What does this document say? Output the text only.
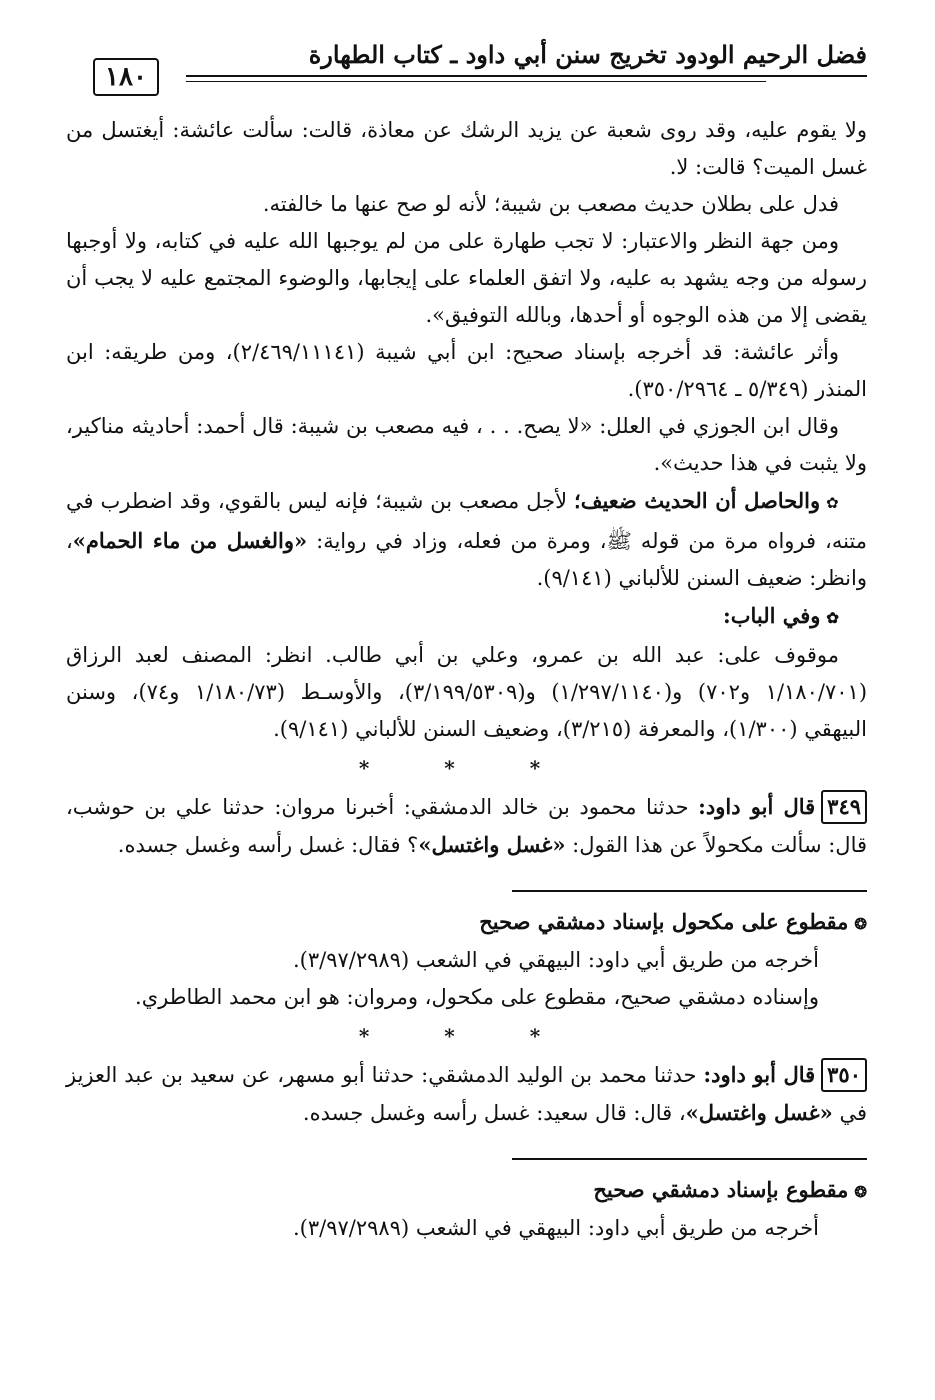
فضل الرحيم الودود تخريج سنن أبي داود ـ كتاب الطهارة
١٨٠

ولا يقوم عليه، وقد روى شعبة عن يزيد الرشك عن معاذة، قالت: سألت عائشة: أيغتسل من غسل الميت؟ قالت: لا.

فدل على بطلان حديث مصعب بن شيبة؛ لأنه لو صح عنها ما خالفته.

ومن جهة النظر والاعتبار: لا تجب طهارة على من لم يوجبها الله عليه في كتابه، ولا أوجبها رسوله من وجه يشهد به عليه، ولا اتفق العلماء على إيجابها، والوضوء المجتمع عليه لا يجب أن يقضى إلا من هذه الوجوه أو أحدها، وبالله التوفيق».

وأثر عائشة: قد أخرجه بإسناد صحيح: ابن أبي شيبة (٢/٤٦٩/١١١٤١)، ومن طريقه: ابن المنذر (٥/٣٤٩ ـ ٣٥٠/٢٩٦٤).

وقال ابن الجوزي في العلل: «لا يصح. . . ، فيه مصعب بن شيبة: قال أحمد: أحاديثه مناكير، ولا يثبت في هذا حديث».

✿والحاصل أن الحديث ضعيف؛ لأجل مصعب بن شيبة؛ فإنه ليس بالقوي، وقد اضطرب في متنه، فرواه مرة من قوله ﷺ، ومرة من فعله، وزاد في رواية: «والغسل من ماء الحمام»، وانظر: ضعيف السنن للألباني (٩/١٤١).

✿وفي الباب:

موقوف على: عبد الله بن عمرو، وعلي بن أبي طالب. انظر: المصنف لعبد الرزاق (١/١٨٠/٧٠١ و٧٠٢) و(١/٢٩٧/١١٤٠) و(٣/١٩٩/٥٣٠٩)، والأوسـط (١/١٨٠/٧٣ و٧٤)، وسنن البيهقي (١/٣٠٠)، والمعرفة (٣/٢١٥)، وضعيف السنن للألباني (٩/١٤١).

* * *

٣٤٩قال أبو داود: حدثنا محمود بن خالد الدمشقي: أخبرنا مروان: حدثنا علي بن حوشب، قال: سألت مكحولاً عن هذا القول: «غسل واغتسل»؟ فقال: غسل رأسه وغسل جسده.

❂مقطوع على مكحول بإسناد دمشقي صحيح

أخرجه من طريق أبي داود: البيهقي في الشعب (٣/٩٧/٢٩٨٩).

وإسناده دمشقي صحيح، مقطوع على مكحول، ومروان: هو ابن محمد الطاطري.

* * *

٣٥٠قال أبو داود: حدثنا محمد بن الوليد الدمشقي: حدثنا أبو مسهر، عن سعيد بن عبد العزيز في «غسل واغتسل»، قال: قال سعيد: غسل رأسه وغسل جسده.

❂مقطوع بإسناد دمشقي صحيح

أخرجه من طريق أبي داود: البيهقي في الشعب (٣/٩٧/٢٩٨٩).
